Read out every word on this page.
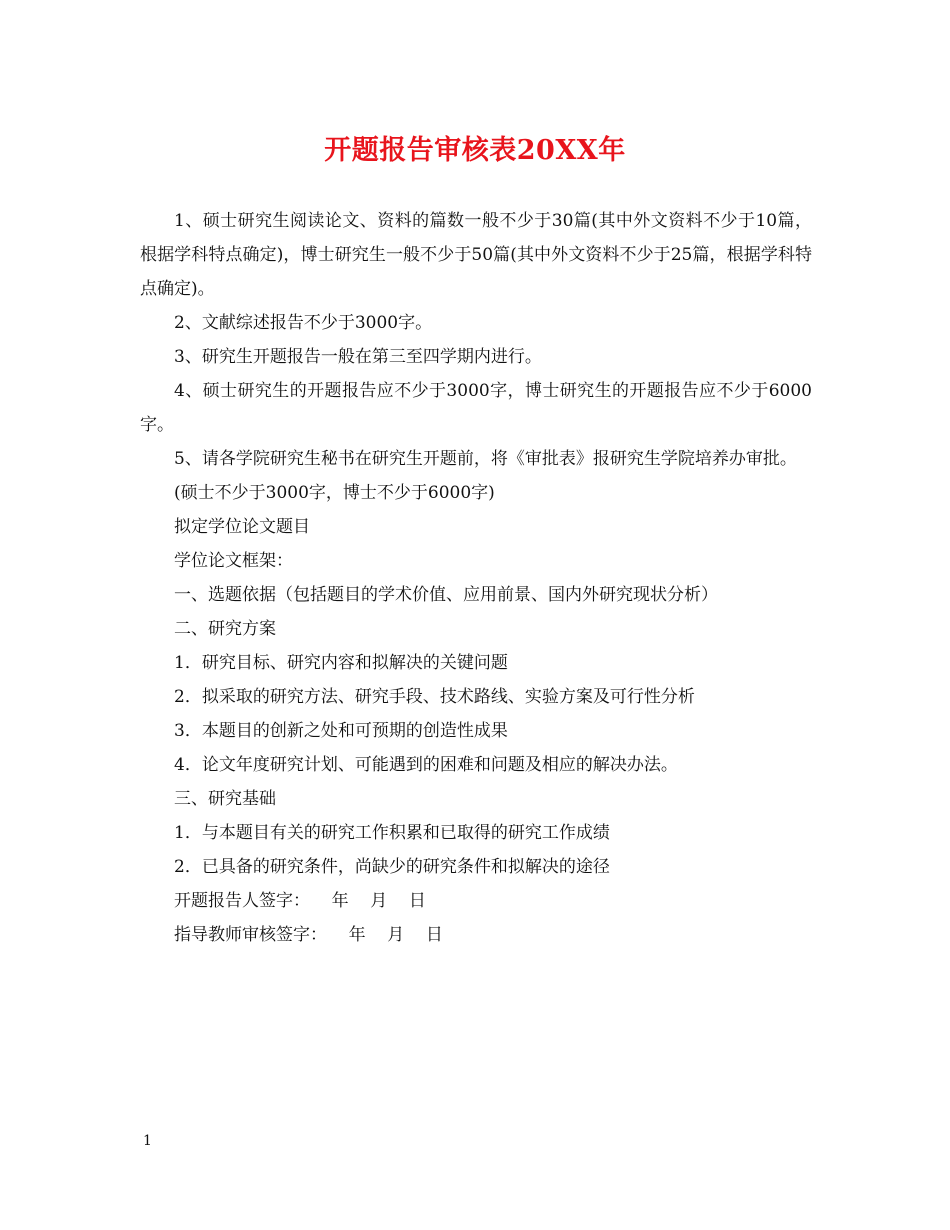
开题报告审核表20XX年

1、硕士研究生阅读论文、资料的篇数一般不少于30篇(其中外文资料不少于10篇，根据学科特点确定)，博士研究生一般不少于50篇(其中外文资料不少于25篇，根据学科特点确定)。

2、文献综述报告不少于3000字。

3、研究生开题报告一般在第三至四学期内进行。

4、硕士研究生的开题报告应不少于3000字，博士研究生的开题报告应不少于6000字。

5、请各学院研究生秘书在研究生开题前，将《审批表》报研究生学院培养办审批。

(硕士不少于3000字，博士不少于6000字)

拟定学位论文题目

学位论文框架：

一、选题依据（包括题目的学术价值、应用前景、国内外研究现状分析）

二、研究方案

1．研究目标、研究内容和拟解决的关键问题

2．拟采取的研究方法、研究手段、技术路线、实验方案及可行性分析

3．本题目的创新之处和可预期的创造性成果

4．论文年度研究计划、可能遇到的困难和问题及相应的解决办法。

三、研究基础

1．与本题目有关的研究工作积累和已取得的研究工作成绩

2．已具备的研究条件，尚缺少的研究条件和拟解决的途径

开题报告人签字：    年    月    日

指导教师审核签字：    年    月    日

1
